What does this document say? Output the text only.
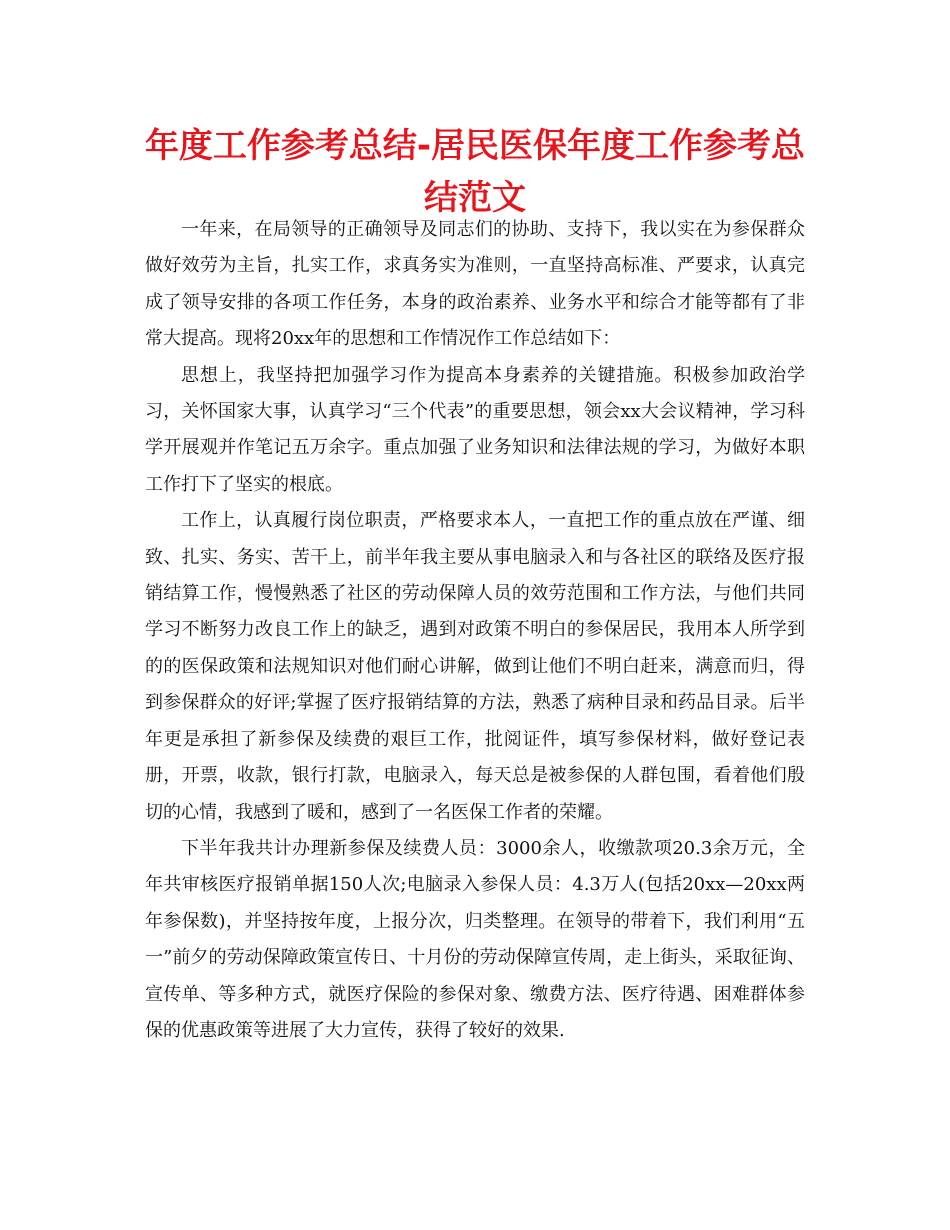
年度工作参考总结-居民医保年度工作参考总结范文

一年来，在局领导的正确领导及同志们的协助、支持下，我以实在为参保群众做好效劳为主旨，扎实工作，求真务实为准则，一直坚持高标准、严要求，认真完成了领导安排的各项工作任务，本身的政治素养、业务水平和综合才能等都有了非常大提高。现将20xx年的思想和工作情况作工作总结如下：

思想上，我坚持把加强学习作为提高本身素养的关键措施。积极参加政治学习，关怀国家大事，认真学习“三个代表”的重要思想，领会xx大会议精神，学习科学开展观并作笔记五万余字。重点加强了业务知识和法律法规的学习，为做好本职工作打下了坚实的根底。

工作上，认真履行岗位职责，严格要求本人，一直把工作的重点放在严谨、细致、扎实、务实、苦干上，前半年我主要从事电脑录入和与各社区的联络及医疗报销结算工作，慢慢熟悉了社区的劳动保障人员的效劳范围和工作方法，与他们共同学习不断努力改良工作上的缺乏，遇到对政策不明白的参保居民，我用本人所学到的的医保政策和法规知识对他们耐心讲解，做到让他们不明白赶来，满意而归，得到参保群众的好评;掌握了医疗报销结算的方法，熟悉了病种目录和药品目录。后半年更是承担了新参保及续费的艰巨工作，批阅证件，填写参保材料，做好登记表册，开票，收款，银行打款，电脑录入，每天总是被参保的人群包围，看着他们殷切的心情，我感到了暖和，感到了一名医保工作者的荣耀。

下半年我共计办理新参保及续费人员：3000余人，收缴款项20.3余万元，全年共审核医疗报销单据150人次;电脑录入参保人员：4.3万人(包括20xx—20xx两年参保数)，并坚持按年度，上报分次，归类整理。在领导的带着下，我们利用“五一”前夕的劳动保障政策宣传日、十月份的劳动保障宣传周，走上街头，采取征询、宣传单、等多种方式，就医疗保险的参保对象、缴费方法、医疗待遇、困难群体参保的优惠政策等进展了大力宣传，获得了较好的效果.
